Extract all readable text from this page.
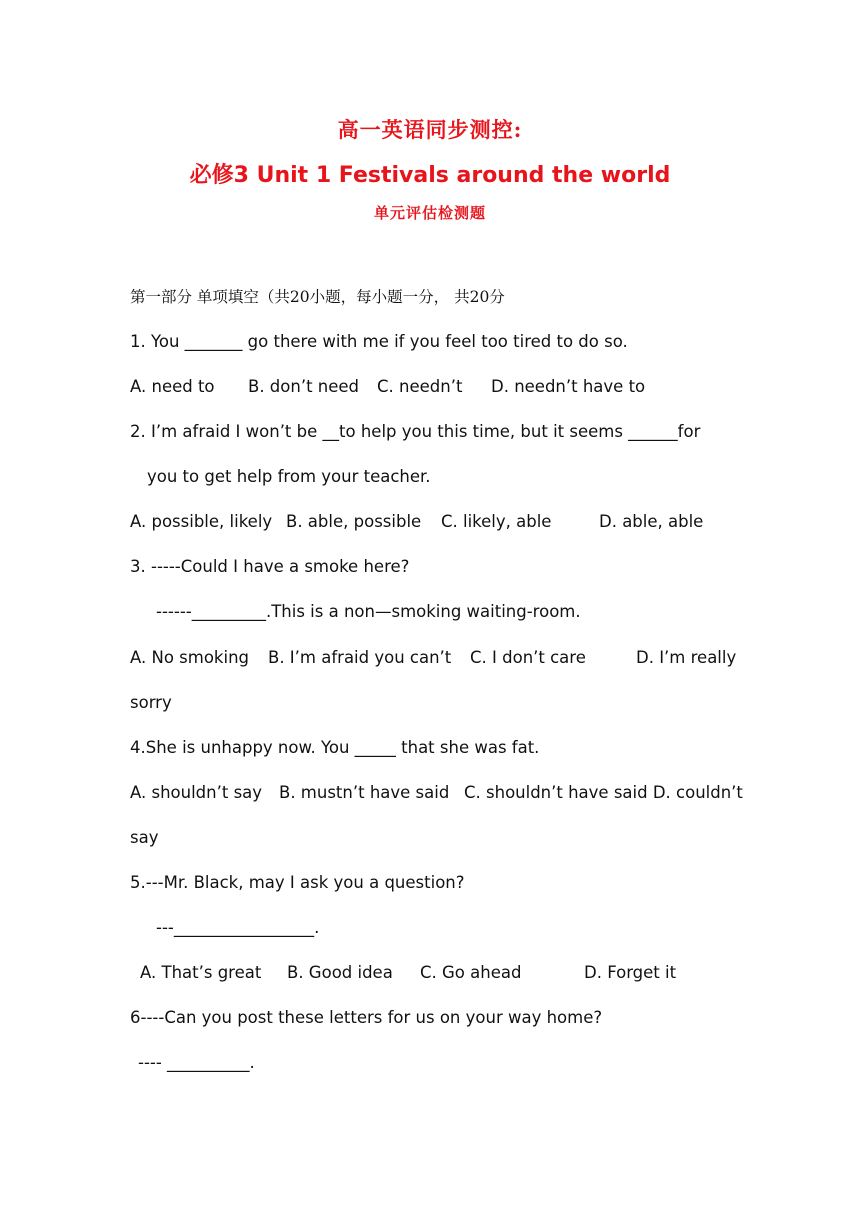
高一英语同步测控:
必修3 Unit 1 Festivals around the world
单元评估检测题
第一部分 单项填空（共20小题，每小题一分， 共20分
1. You _______ go there with me if you feel too tired to do so.
A. need to B. don’t need C. needn’t D. needn’t have to
2. I’m afraid I won’t be __to help you this time, but it seems ______for
you to get help from your teacher.
A. possible, likely B. able, possible C. likely, able	D. able, able
3. -----Could I have a smoke here?
------_________.This is a non—smoking waiting-room.
A. No smoking B. I’m afraid you can’t C. I don’t care	D. I’m really
sorry
4.She is unhappy now. You _____ that she was fat.
A. shouldn’t say B. mustn’t have said C. shouldn’t have said D. couldn’t
say
5.---Mr. Black, may I ask you a question?
---_________________.
A. That’s great B. Good idea C. Go ahead	D. Forget it
6----Can you post these letters for us on your way home?
---- __________.
